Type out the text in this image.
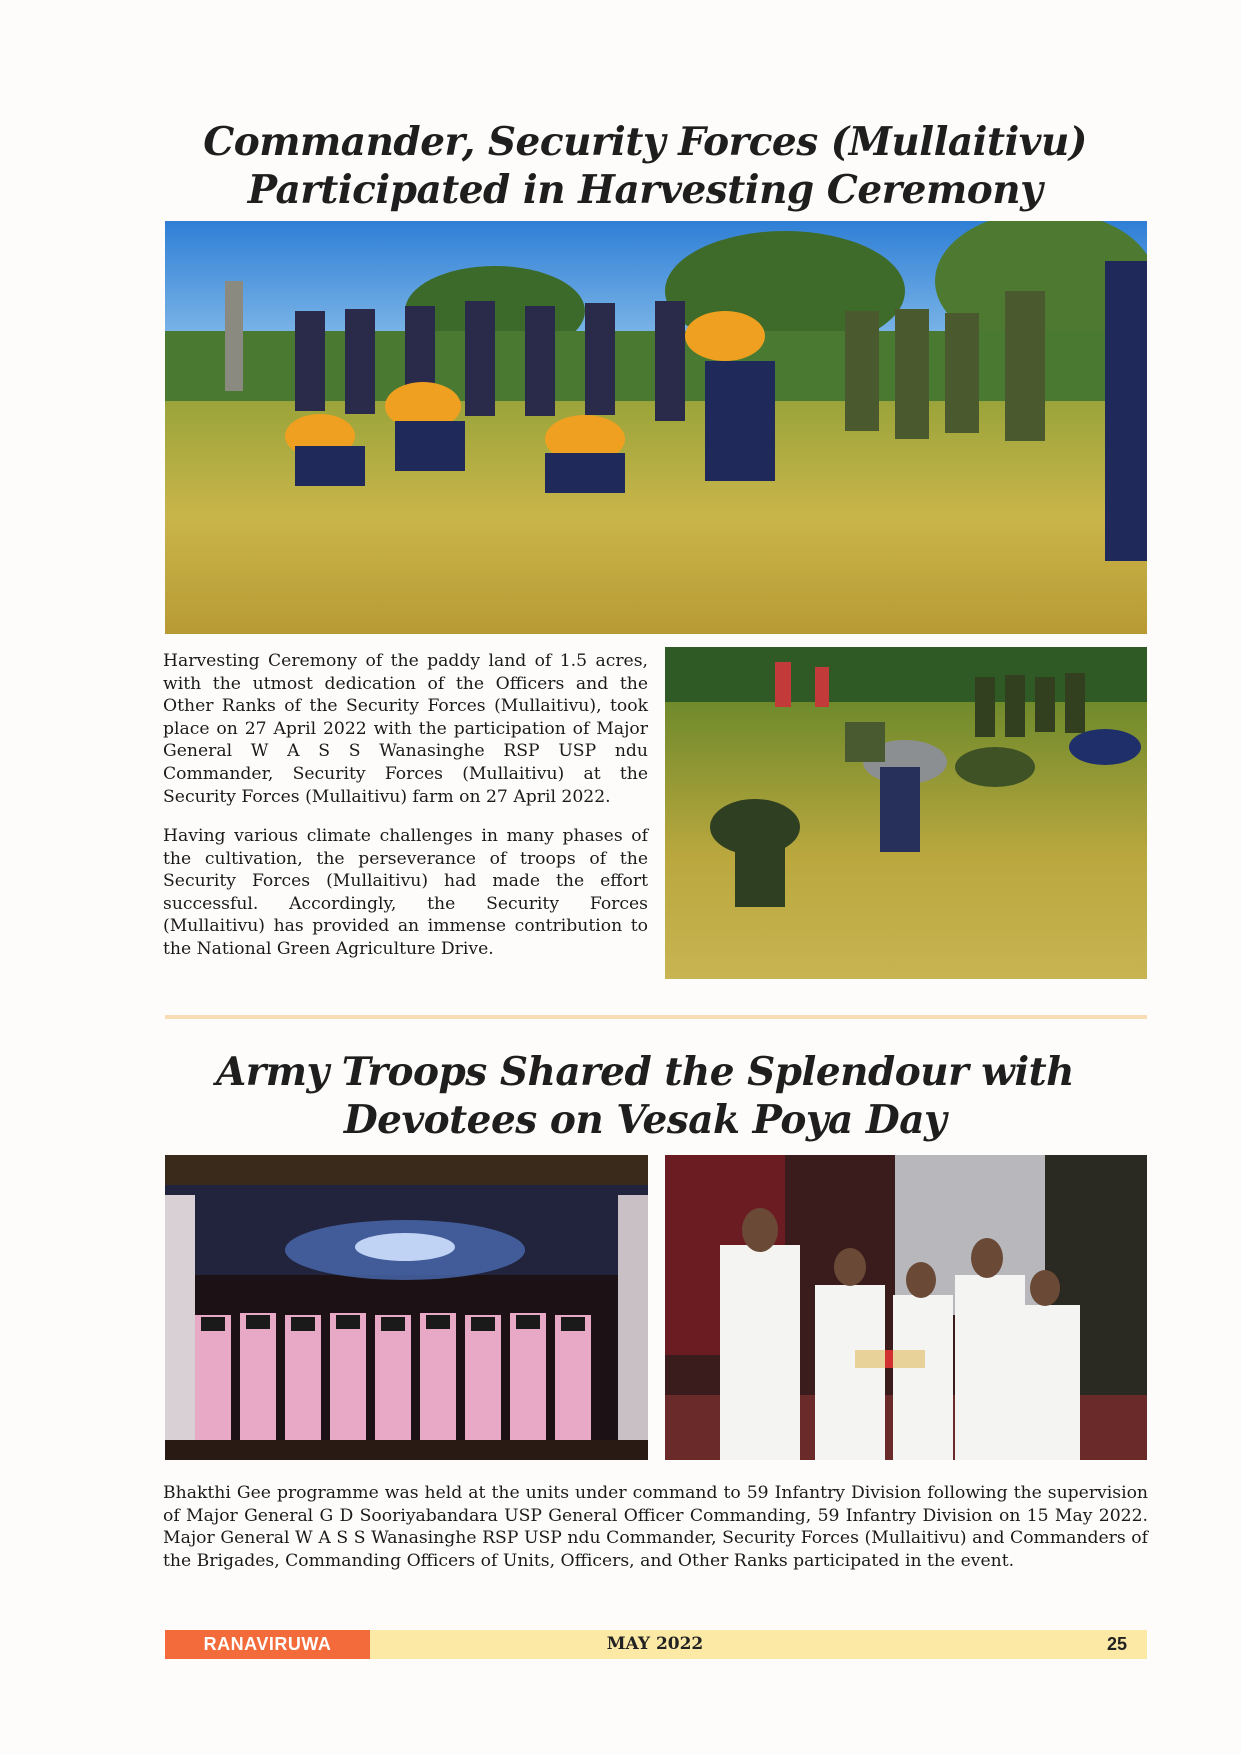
Commander, Security Forces (Mullaitivu) Participated in Harvesting Ceremony

Harvesting Ceremony of the paddy land of 1.5 acres, with the utmost dedication of the Officers and the Other Ranks of the Security Forces (Mullaitivu), took place on 27 April 2022 with the participation of Major General W A S S Wanasinghe RSP USP ndu Commander, Security Forces (Mullaitivu) at the Security Forces (Mullaitivu) farm on 27 April 2022.

Having various climate challenges in many phases of the cultivation, the perseverance of troops of the Security Forces (Mullaitivu) had made the effort successful. Accordingly, the Security Forces (Mullaitivu) has provided an immense contribution to the National Green Agriculture Drive.

Army Troops Shared the Splendour with Devotees on Vesak Poya Day

Bhakthi Gee programme was held at the units under command to 59 Infantry Division following the supervision of Major General G D Sooriyabandara USP General Officer Commanding, 59 Infantry Division on 15 May 2022. Major General W A S S Wanasinghe RSP USP ndu Commander, Security Forces (Mullaitivu) and Commanders of the Brigades, Commanding Officers of Units, Officers, and Other Ranks participated in the event.

RANAVIRUWA	MAY 2022	25
